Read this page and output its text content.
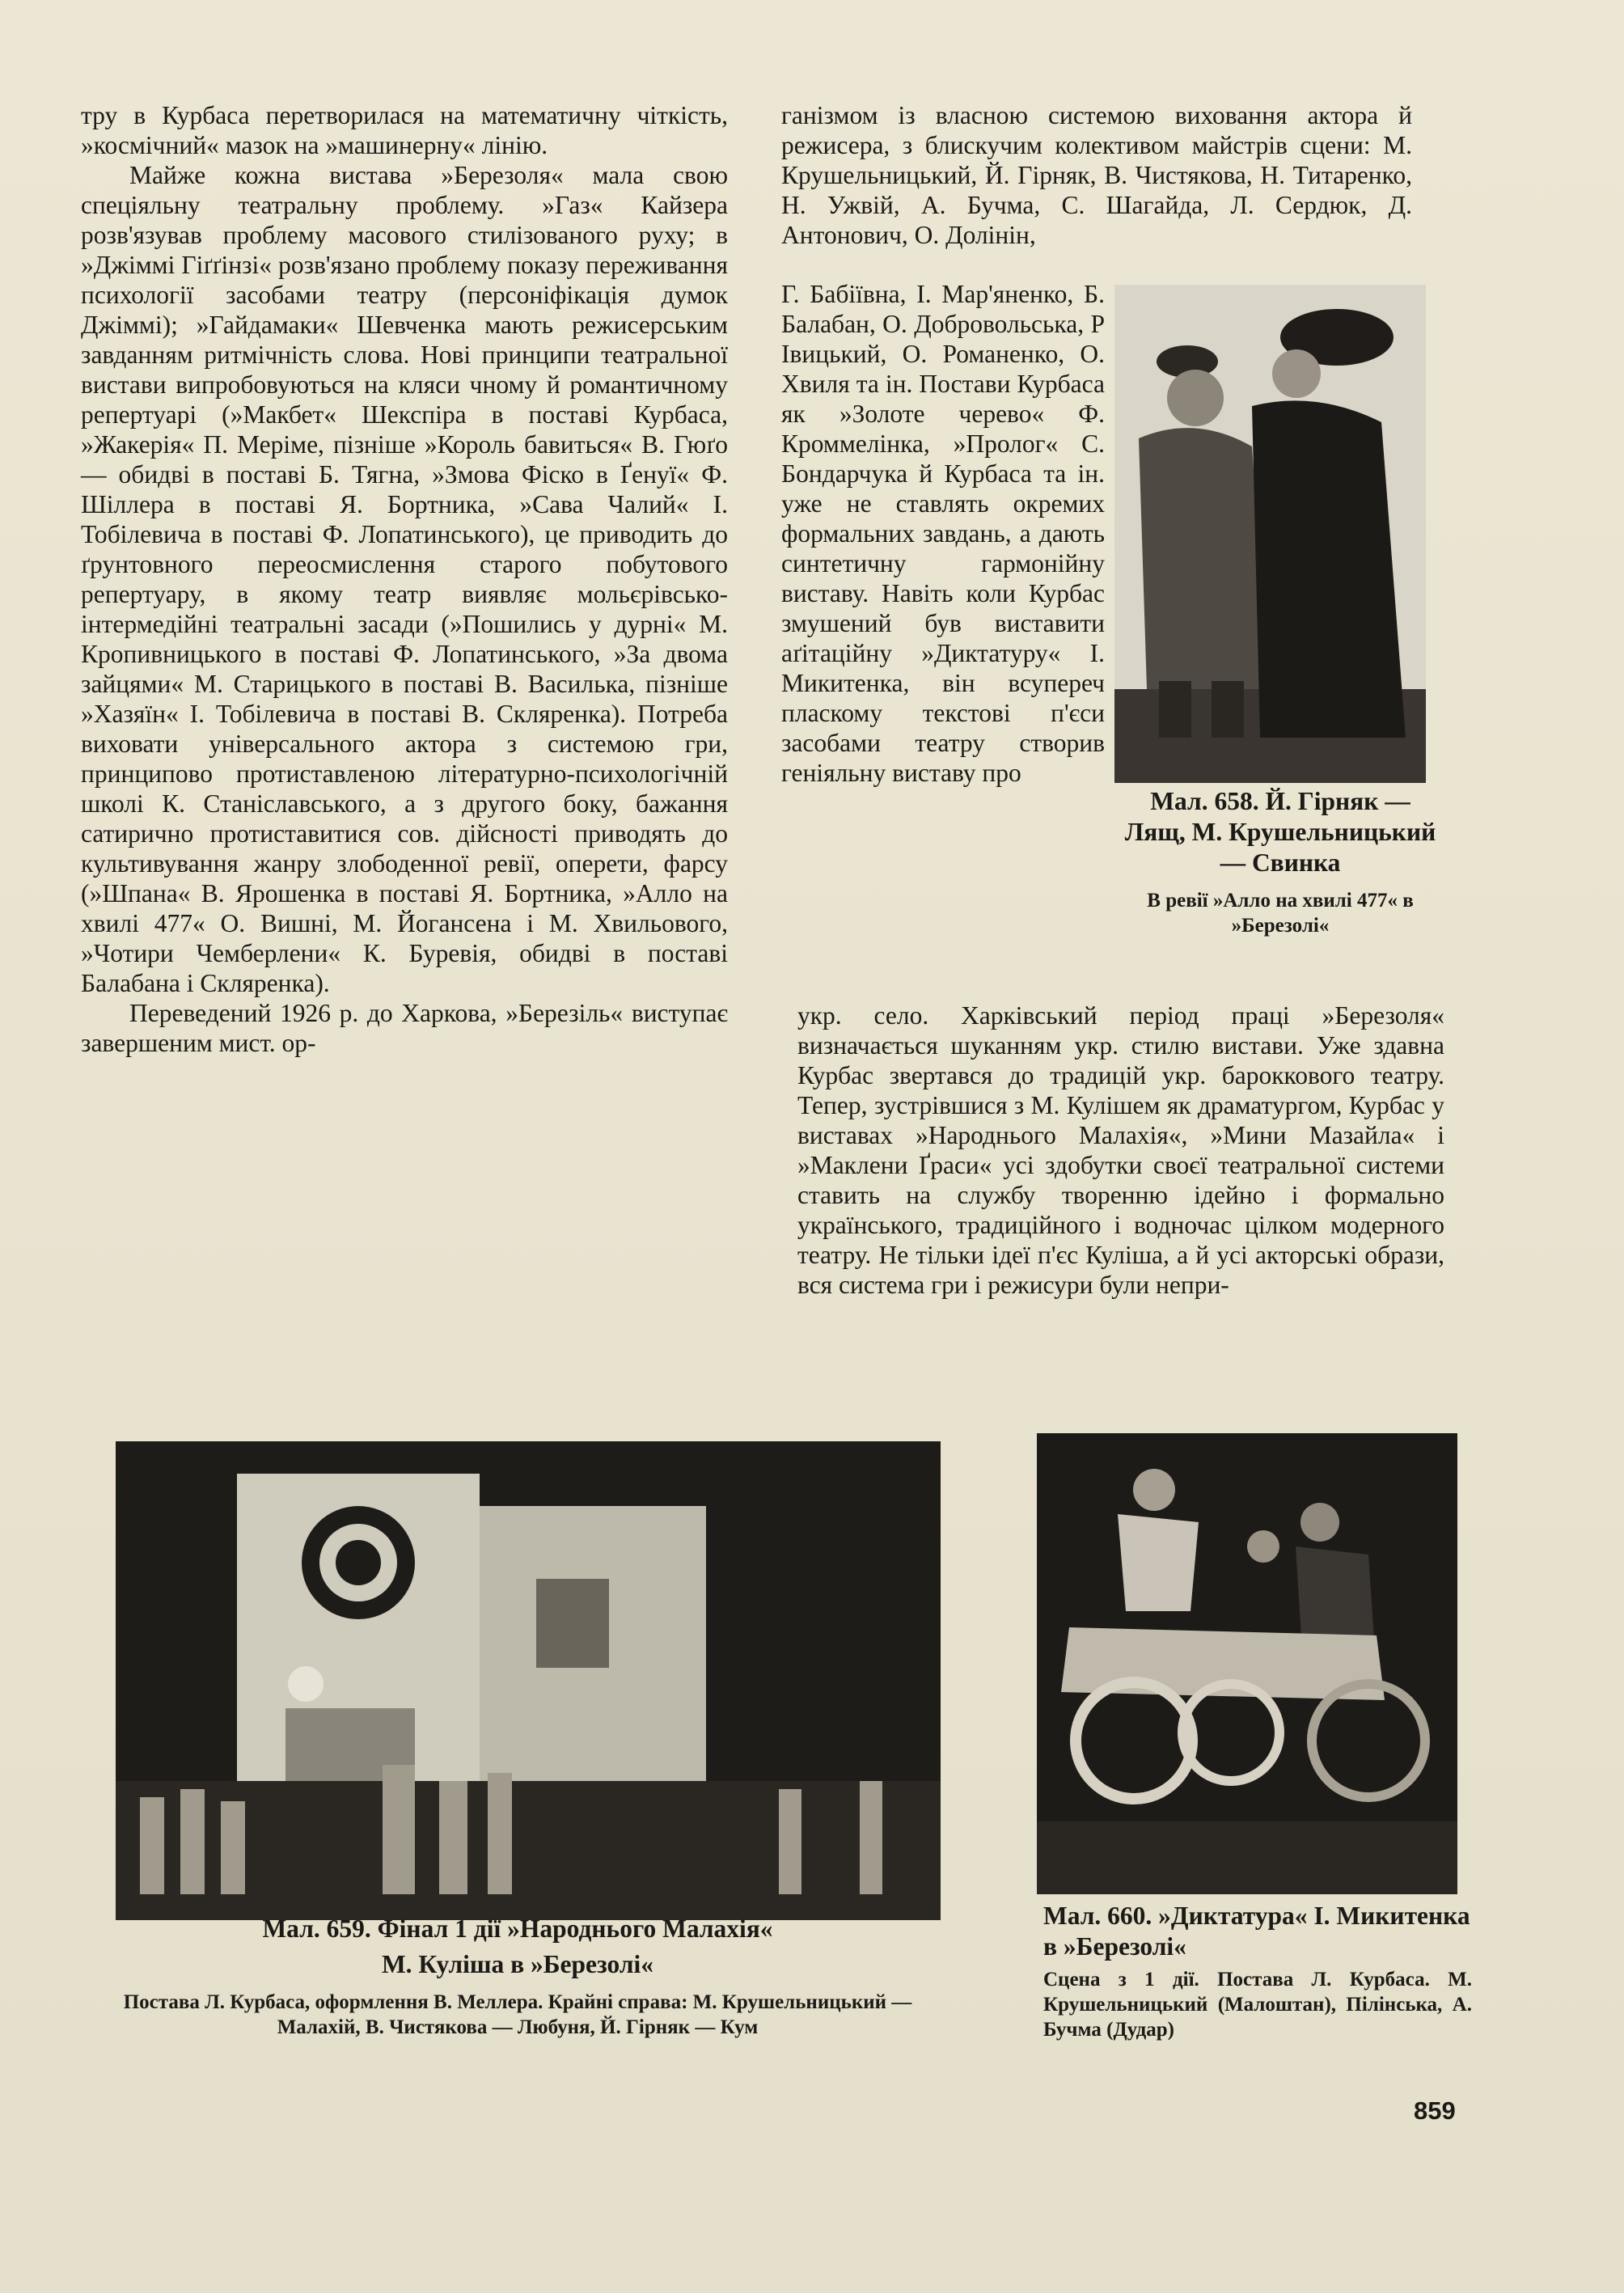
тру в Курбаса перетворилася на математичну чіткість, »космічний« мазок на »машинерну« лінію.

Майже кожна вистава »Березоля« мала свою спеціяльну театральну проблему. »Газ« Кайзера розв'язував проблему масового стилізованого руху; в »Джіммі Гіґґінзі« розв'язано проблему показу переживання психології засобами театру (персоніфікація думок Джіммі); »Гайдамаки« Шевченка мають режисерським завданням ритмічність слова. Нові принципи театральної вистави випробовуються на кляси чному й романтичному репертуарі (»Макбет« Шекспіра в поставі Курбаса, »Жакерія« П. Меріме, пізніше »Король бавиться« В. Гюґо — обидві в поставі Б. Тягна, »Змова Фіско в Ґенуї« Ф. Шіллера в поставі Я. Бортника, »Сава Чалий« І. Тобілевича в поставі Ф. Лопатинського), це приводить до ґрунтовного переосмислення старого побутового репертуару, в якому театр виявляє мольєрівсько-інтермедійні театральні засади (»Пошились у дурні« М. Кропивницького в поставі Ф. Лопатинського, »За двома зайцями« М. Старицького в поставі В. Василька, пізніше »Хазяїн« І. Тобілевича в поставі В. Скляренка). Потреба виховати універсального актора з системою гри, принципово протиставленою літературно-психологічній школі К. Станіславського, а з другого боку, бажання сатирично протиставитися сов. дійсності приводять до культивування жанру злободенної ревії, оперети, фарсу (»Шпана« В. Ярошенка в поставі Я. Бортника, »Алло на хвилі 477« О. Вишні, М. Йогансена і М. Хвильового, »Чотири Чемберлени« К. Буревія, обидві в поставі Балабана і Скляренка).

Переведений 1926 р. до Харкова, »Березіль« виступає завершеним мист. ор-

ганізмом із власною системою виховання актора й режисера, з блискучим колективом майстрів сцени: М. Крушельницький, Й. Гірняк, В. Чистякова, Н. Титаренко, Н. Ужвій, А. Бучма, С. Шагайда, Л. Сердюк, Д. Антонович, О. Долінін,

Г. Бабіївна, І. Мар'яненко, Б. Балабан, О. Добровольська, Р Івицький, О. Романенко, О. Хвиля та ін. Постави Курбаса як »Золоте черево« Ф. Кроммелінка, »Пролог« С. Бондарчука й Курбаса та ін. уже не ставлять окремих формальних завдань, а дають синтетичну гармонійну виставу. Навіть коли Курбас змушений був виставити аґітаційну »Диктатуру« І. Микитенка, він всупереч пласкому текстові п'єси засобами театру створив геніяльну виставу про

укр. село. Харківський період праці »Березоля« визначається шуканням укр. стилю вистави. Уже здавна Курбас звертався до традицій укр. бароккового театру. Тепер, зустрівшися з М. Кулішем як драматургом, Курбас у виставах »Народнього Малахія«, »Мини Мазайла« і »Маклени Ґраси« усі здобутки своєї театральної системи ставить на службу творенню ідейно і формально українського, традиційного і водночас цілком модерного театру. Не тільки ідеї п'єс Куліша, а й усі акторські образи, вся система гри і режисури були непри-

Мал. 658. Й. Гірняк — Лящ, М. Крушельницький — Свинка
В ревії »Алло на хвилі 477« в »Березолі«
Мал. 659. Фінал 1 дії »Народнього Малахія«
М. Куліша в »Березолі«
Постава Л. Курбаса, оформлення В. Меллера. Крайні справа: М. Крушельницький — Малахій, В. Чистякова — Любуня, Й. Гірняк — Кум
Мал. 660. »Диктатура« І. Микитенка в »Березолі«
Сцена з 1 дії. Постава Л. Курбаса. М. Крушельницький (Малоштан), Пілінська, А. Бучма (Дудар)
859
